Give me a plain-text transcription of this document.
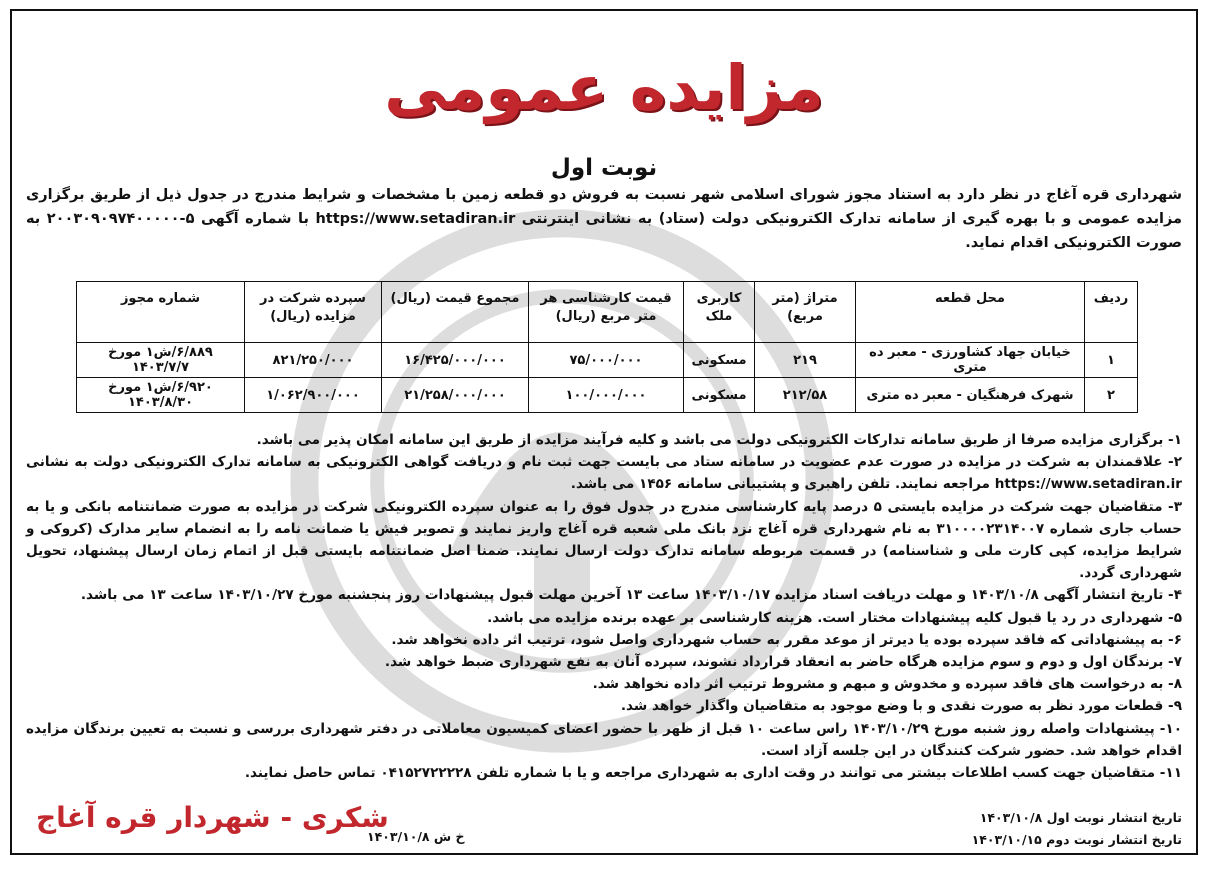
مزایده عمومی
نوبت اول
شهرداری قره آغاج در نظر دارد به استناد مجوز شورای اسلامی شهر نسبت به فروش دو قطعه زمین با مشخصات و شرایط مندرج در جدول ذیل از طریق برگزاری مزایده عمومی و با بهره گیری از سامانه تدارک الکترونیکی دولت (ستاد) به نشانی اینترنتی https://www.setadiran.ir با شماره آگهی ۵-۲۰۰۳۰۹۰۹۷۴۰۰۰۰۰ به صورت الکترونیکی اقدام نماید.
ردیف	محل قطعه	متراژ (متر مربع)	کاربری ملک	قیمت کارشناسی هر متر مربع (ریال)	مجموع قیمت (ریال)	سپرده شرکت در مزایده (ریال)	شماره مجوز
۱	خیابان جهاد کشاورزی - معبر ده متری	۲۱۹	مسکونی	۷۵/۰۰۰/۰۰۰	۱۶/۴۲۵/۰۰۰/۰۰۰	۸۲۱/۲۵۰/۰۰۰	۶/۸۸۹/ش۱ مورخ ۱۴۰۳/۷/۷
۲	شهرک فرهنگیان - معبر ده متری	۲۱۲/۵۸	مسکونی	۱۰۰/۰۰۰/۰۰۰	۲۱/۲۵۸/۰۰۰/۰۰۰	۱/۰۶۲/۹۰۰/۰۰۰	۶/۹۲۰/ش۱ مورخ ۱۴۰۳/۸/۳۰

۱- برگزاری مزایده صرفا از طریق سامانه تدارکات الکترونیکی دولت می باشد و کلیه فرآیند مزایده از طریق این سامانه امکان پذیر می باشد.

۲- علاقمندان به شرکت در مزایده در صورت عدم عضویت در سامانه ستاد می بایست جهت ثبت نام و دریافت گواهی الکترونیکی به سامانه تدارک الکترونیکی دولت به نشانی https://www.setadiran.ir مراجعه نمایند. تلفن راهبری و پشتیبانی سامانه ۱۴۵۶ می باشد.

۳- متقاضیان جهت شرکت در مزایده بایستی ۵ درصد پایه کارشناسی مندرج در جدول فوق را به عنوان سپرده الکترونیکی شرکت در مزایده به صورت ضمانتنامه بانکی و یا به حساب جاری شماره ۳۱۰۰۰۰۲۳۱۴۰۰۷ به نام شهرداری قره آغاج نزد بانک ملی شعبه قره آغاج واریز نمایند و تصویر فیش یا ضمانت نامه را به انضمام سایر مدارک (کروکی و شرایط مزایده، کپی کارت ملی و شناسنامه) در قسمت مربوطه سامانه تدارک دولت ارسال نمایند. ضمنا اصل ضمانتنامه بایستی قبل از اتمام زمان ارسال پیشنهاد، تحویل شهرداری گردد.

۴- تاریخ انتشار آگهی ۱۴۰۳/۱۰/۸ و مهلت دریافت اسناد مزایده ۱۴۰۳/۱۰/۱۷ ساعت ۱۳ آخرین مهلت قبول پیشنهادات روز پنجشنبه مورخ ۱۴۰۳/۱۰/۲۷ ساعت ۱۳ می باشد.

۵- شهرداری در رد یا قبول کلیه پیشنهادات مختار است. هزینه کارشناسی بر عهده برنده مزایده می باشد.

۶- به پیشنهاداتی که فاقد سپرده بوده یا دیرتر از موعد مقرر به حساب شهرداری واصل شود، ترتیب اثر داده نخواهد شد.

۷- برندگان اول و دوم و سوم مزایده هرگاه حاضر به انعقاد قرارداد نشوند، سپرده آنان به نفع شهرداری ضبط خواهد شد.

۸- به درخواست های فاقد سپرده و مخدوش و مبهم و مشروط ترتیب اثر داده نخواهد شد.

۹- قطعات مورد نظر به صورت نقدی و با وضع موجود به متقاضیان واگذار خواهد شد.

۱۰- پیشنهادات واصله روز شنبه مورخ ۱۴۰۳/۱۰/۲۹ راس ساعت ۱۰ قبل از ظهر با حضور اعضای کمیسیون معاملاتی در دفتر شهرداری بررسی و نسبت به تعیین برندگان مزایده اقدام خواهد شد. حضور شرکت کنندگان در این جلسه آزاد است.

۱۱- متقاضیان جهت کسب اطلاعات بیشتر می توانند در وقت اداری به شهرداری مراجعه و یا با شماره تلفن ۰۴۱۵۲۷۲۲۲۲۸ تماس حاصل نمایند.

تاریخ انتشار نوبت اول ۱۴۰۳/۱۰/۸
تاریخ انتشار نوبت دوم ۱۴۰۳/۱۰/۱۵
خ ش ۱۴۰۳/۱۰/۸
شکری - شهردار قره آغاج
